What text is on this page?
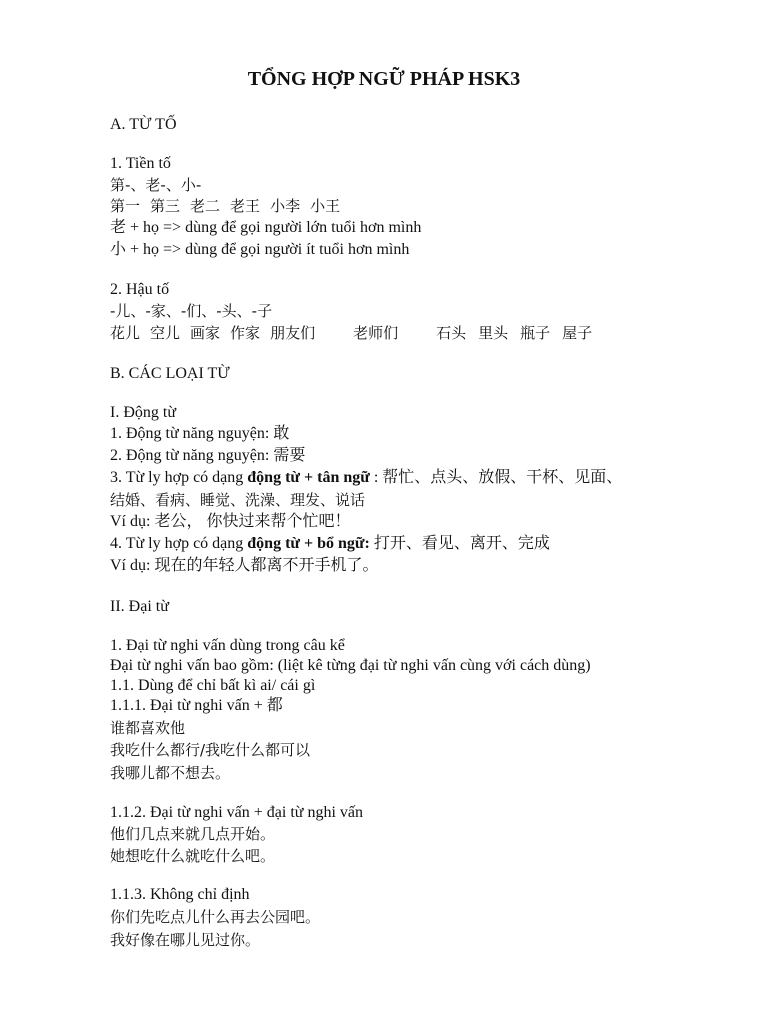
TỔNG HỢP NGỮ PHÁP HSK3
A. TỪ TỐ
1. Tiền tố
第-、老-、小-
第一 第三 老二 老王 小李 小王
老 + họ => dùng để gọi người lớn tuổi hơn mình
小 + họ => dùng để gọi người ít tuổi hơn mình
2. Hậu tố
-儿、-家、-们、-头、-子
花儿 空儿 画家 作家 朋友们	老师们	石头 里头 瓶子 屋子
B. CÁC LOẠI TỪ
I. Động từ
1. Động từ năng nguyện: 敢
2. Động từ năng nguyện: 需要
3. Từ ly hợp có dạng động từ + tân ngữ : 帮忙、点头、放假、干杯、见面、
结婚、看病、睡觉、洗澡、理发、说话
Ví dụ: 老公， 你快过来帮个忙吧！
4. Từ ly hợp có dạng động từ + bổ ngữ: 打开、看见、离开、完成
Ví dụ: 现在的年轻人都离不开手机了。
II. Đại từ
1. Đại từ nghi vấn dùng trong câu kể
Đại từ nghi vấn bao gồm: (liệt kê từng đại từ nghi vấn cùng với cách dùng)
1.1. Dùng để chỉ bất kì ai/ cái gì
1.1.1. Đại từ nghi vấn + 都
谁都喜欢他
我吃什么都行/我吃什么都可以
我哪儿都不想去。
1.1.2. Đại từ nghi vấn + đại từ nghi vấn
他们几点来就几点开始。
她想吃什么就吃什么吧。
1.1.3. Không chỉ định
你们先吃点儿什么再去公园吧。
我好像在哪儿见过你。
